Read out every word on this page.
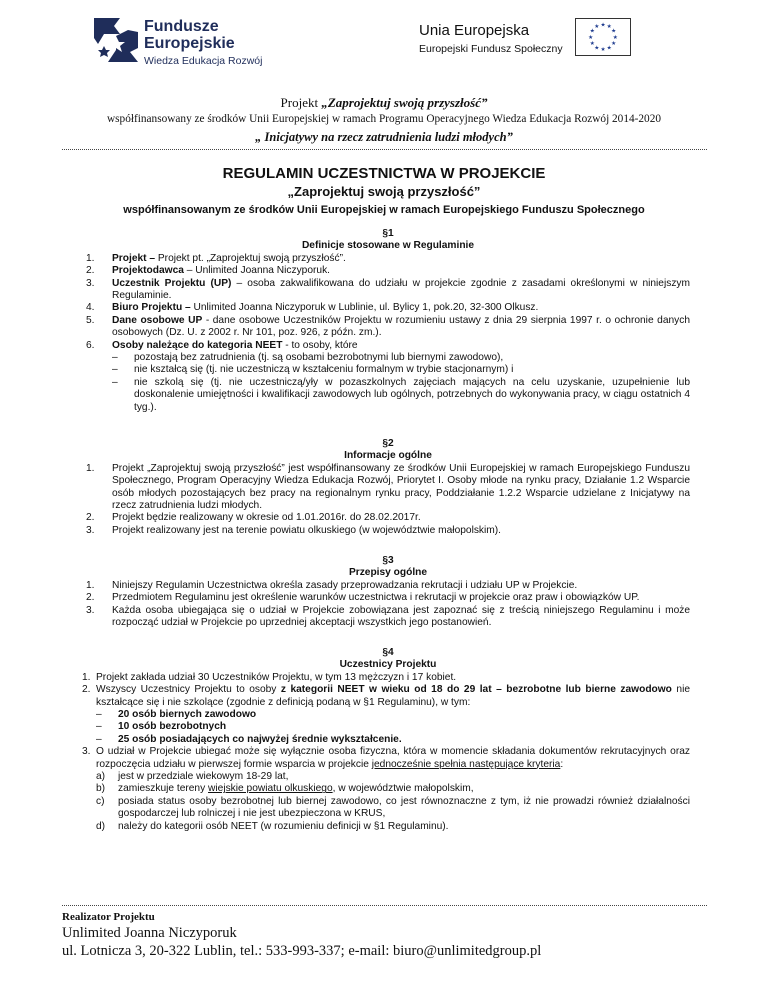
Fundusze
Europejskie
Wiedza Edukacja Rozwój
Unia Europejska
Europejski Fundusz Społeczny
★ ★
★
★
★
★
★
★
★
★
★
★
Projekt „Zaprojektuj swoją przyszłość”
współfinansowany ze środków Unii Europejskiej w ramach Programu Operacyjnego Wiedza Edukacja Rozwój 2014-2020
„ Inicjatywy na rzecz zatrudnienia ludzi młodych”
REGULAMIN UCZESTNICTWA W PROJEKCIE
„Zaprojektuj swoją przyszłość”
współfinansowanym ze środków Unii Europejskiej w ramach Europejskiego Funduszu Społecznego
§1
Definicje stosowane w Regulaminie
1. Projekt – Projekt pt. „Zaprojektuj swoją przyszłość”.
2. Projektodawca – Unlimited Joanna Niczyporuk.
3. Uczestnik Projektu (UP) – osoba zakwalifikowana do udziału w projekcie zgodnie z zasadami określonymi w niniejszym Regulaminie.
4. Biuro Projektu – Unlimited Joanna Niczyporuk w Lublinie, ul. Bylicy 1, pok.20, 32-300 Olkusz.
5. Dane osobowe UP - dane osobowe Uczestników Projektu w rozumieniu ustawy z dnia 29 sierpnia 1997 r. o ochronie danych osobowych (Dz. U. z 2002 r. Nr 101, poz. 926, z późn. zm.).
6. Osoby należące do kategoria NEET - to osoby, które
– pozostają bez zatrudnienia (tj. są osobami bezrobotnymi lub biernymi zawodowo),
– nie kształcą się (tj. nie uczestniczą w kształceniu formalnym w trybie stacjonarnym) i
– nie szkolą się (tj. nie uczestniczą/yły w pozaszkolnych zajęciach mających na celu uzyskanie, uzupełnienie lub doskonalenie umiejętności i kwalifikacji zawodowych lub ogólnych, potrzebnych do wykonywania pracy, w ciągu ostatnich 4 tyg.).
§2
Informacje ogólne
1. Projekt „Zaprojektuj swoją przyszłość” jest współfinansowany ze środków Unii Europejskiej w ramach Europejskiego Funduszu Społecznego, Program Operacyjny Wiedza Edukacja Rozwój, Priorytet I. Osoby młode na rynku pracy, Działanie 1.2 Wsparcie osób młodych pozostających bez pracy na regionalnym rynku pracy, Poddziałanie 1.2.2 Wsparcie udzielane z Inicjatywy na rzecz zatrudnienia ludzi młodych.
2. Projekt będzie realizowany w okresie od 1.01.2016r. do 28.02.2017r.
3. Projekt realizowany jest na terenie powiatu olkuskiego (w województwie małopolskim).
§3
Przepisy ogólne
1. Niniejszy Regulamin Uczestnictwa określa zasady przeprowadzania rekrutacji i udziału UP w Projekcie.
2. Przedmiotem Regulaminu jest określenie warunków uczestnictwa i rekrutacji w projekcie oraz praw i obowiązków UP.
3. Każda osoba ubiegająca się o udział w Projekcie zobowiązana jest zapoznać się z treścią niniejszego Regulaminu i może rozpocząć udział w Projekcie po uprzedniej akceptacji wszystkich jego postanowień.
§4
Uczestnicy Projektu
1. Projekt zakłada udział 30 Uczestników Projektu, w tym 13 mężczyzn i 17 kobiet.
2. Wszyscy Uczestnicy Projektu to osoby z kategorii NEET w wieku od 18 do 29 lat – bezrobotne lub bierne zawodowo nie kształcące się i nie szkolące (zgodnie z definicją podaną w §1 Regulaminu), w tym:
– 20 osób biernych zawodowo
– 10 osób bezrobotnych
– 25 osób posiadających co najwyżej średnie wykształcenie.
3. O udział w Projekcie ubiegać może się wyłącznie osoba fizyczna, która w momencie składania dokumentów rekrutacyjnych oraz rozpoczęcia udziału w pierwszej formie wsparcia w projekcie jednocześnie spełnia następujące kryteria:
a) jest w przedziale wiekowym 18-29 lat,
b) zamieszkuje tereny wiejskie powiatu olkuskiego, w województwie małopolskim,
c) posiada status osoby bezrobotnej lub biernej zawodowo, co jest równoznaczne z tym, iż nie prowadzi również działalności gospodarczej lub rolniczej i nie jest ubezpieczona w KRUS,
d) należy do kategorii osób NEET (w rozumieniu definicji w §1 Regulaminu).
Realizator Projektu
Unlimited Joanna Niczyporuk
ul. Lotnicza 3, 20-322 Lublin, tel.: 533-993-337; e-mail: biuro@unlimitedgroup.pl
